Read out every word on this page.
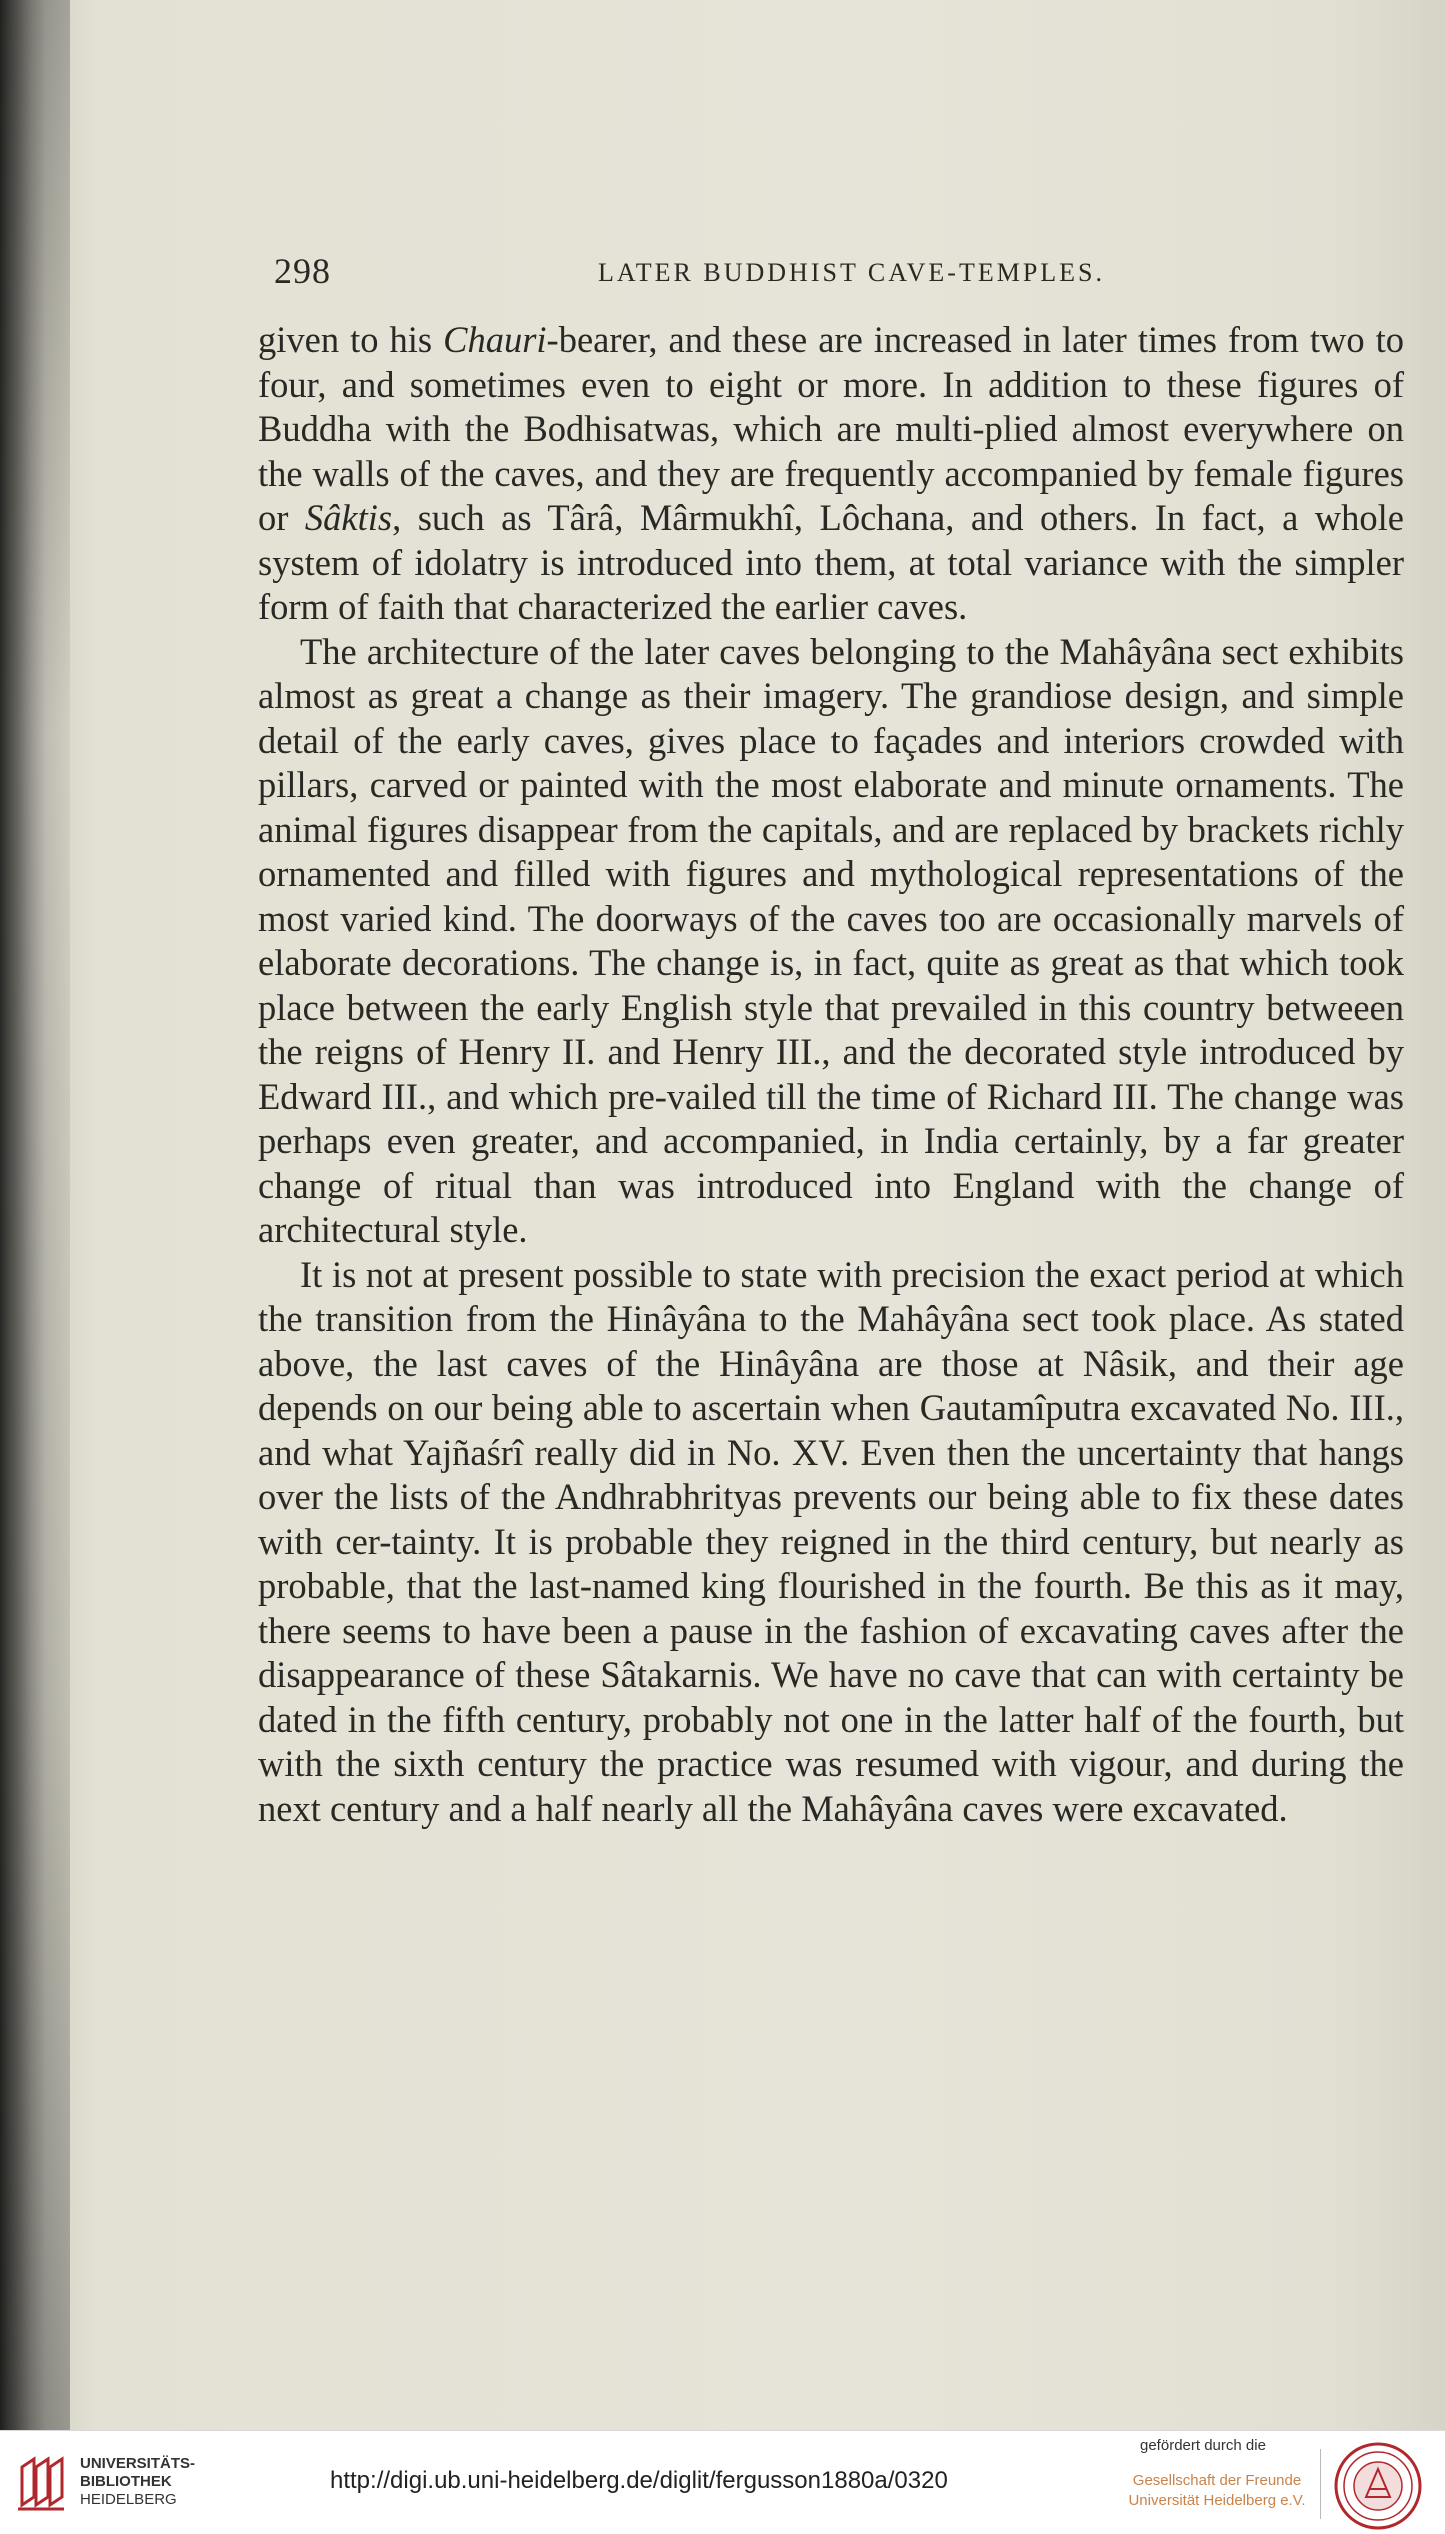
298	LATER BUDDHIST CAVE-TEMPLES.

given to his Chauri-bearer, and these are increased in later times from two to four, and sometimes even to eight or more. In addition to these figures of Buddha with the Bodhisatwas, which are multi-plied almost everywhere on the walls of the caves, and they are frequently accompanied by female figures or Sâktis, such as Târâ, Mârmukhî, Lôchana, and others. In fact, a whole system of idolatry is introduced into them, at total variance with the simpler form of faith that characterized the earlier caves.

The architecture of the later caves belonging to the Mahâyâna sect exhibits almost as great a change as their imagery. The grandiose design, and simple detail of the early caves, gives place to façades and interiors crowded with pillars, carved or painted with the most elaborate and minute ornaments. The animal figures disappear from the capitals, and are replaced by brackets richly ornamented and filled with figures and mythological representations of the most varied kind. The doorways of the caves too are occasionally marvels of elaborate decorations. The change is, in fact, quite as great as that which took place between the early English style that prevailed in this country betweeen the reigns of Henry II. and Henry III., and the decorated style introduced by Edward III., and which pre-vailed till the time of Richard III. The change was perhaps even greater, and accompanied, in India certainly, by a far greater change of ritual than was introduced into England with the change of architectural style.

It is not at present possible to state with precision the exact period at which the transition from the Hinâyâna to the Mahâyâna sect took place. As stated above, the last caves of the Hinâyâna are those at Nâsik, and their age depends on our being able to ascertain when Gautamîputra excavated No. III., and what Yajñaśrî really did in No. XV. Even then the uncertainty that hangs over the lists of the Andhrabhrityas prevents our being able to fix these dates with cer-tainty. It is probable they reigned in the third century, but nearly as probable, that the last-named king flourished in the fourth. Be this as it may, there seems to have been a pause in the fashion of excavating caves after the disappearance of these Sâtakarnis. We have no cave that can with certainty be dated in the fifth century, probably not one in the latter half of the fourth, but with the sixth century the practice was resumed with vigour, and during the next century and a half nearly all the Mahâyâna caves were excavated.

UNIVERSITÄTS-
BIBLIOTHEK
HEIDELBERG
http://digi.ub.uni-heidelberg.de/diglit/fergusson1880a/0320
gefördert durch die
Gesellschaft der Freunde
Universität Heidelberg e.V.
